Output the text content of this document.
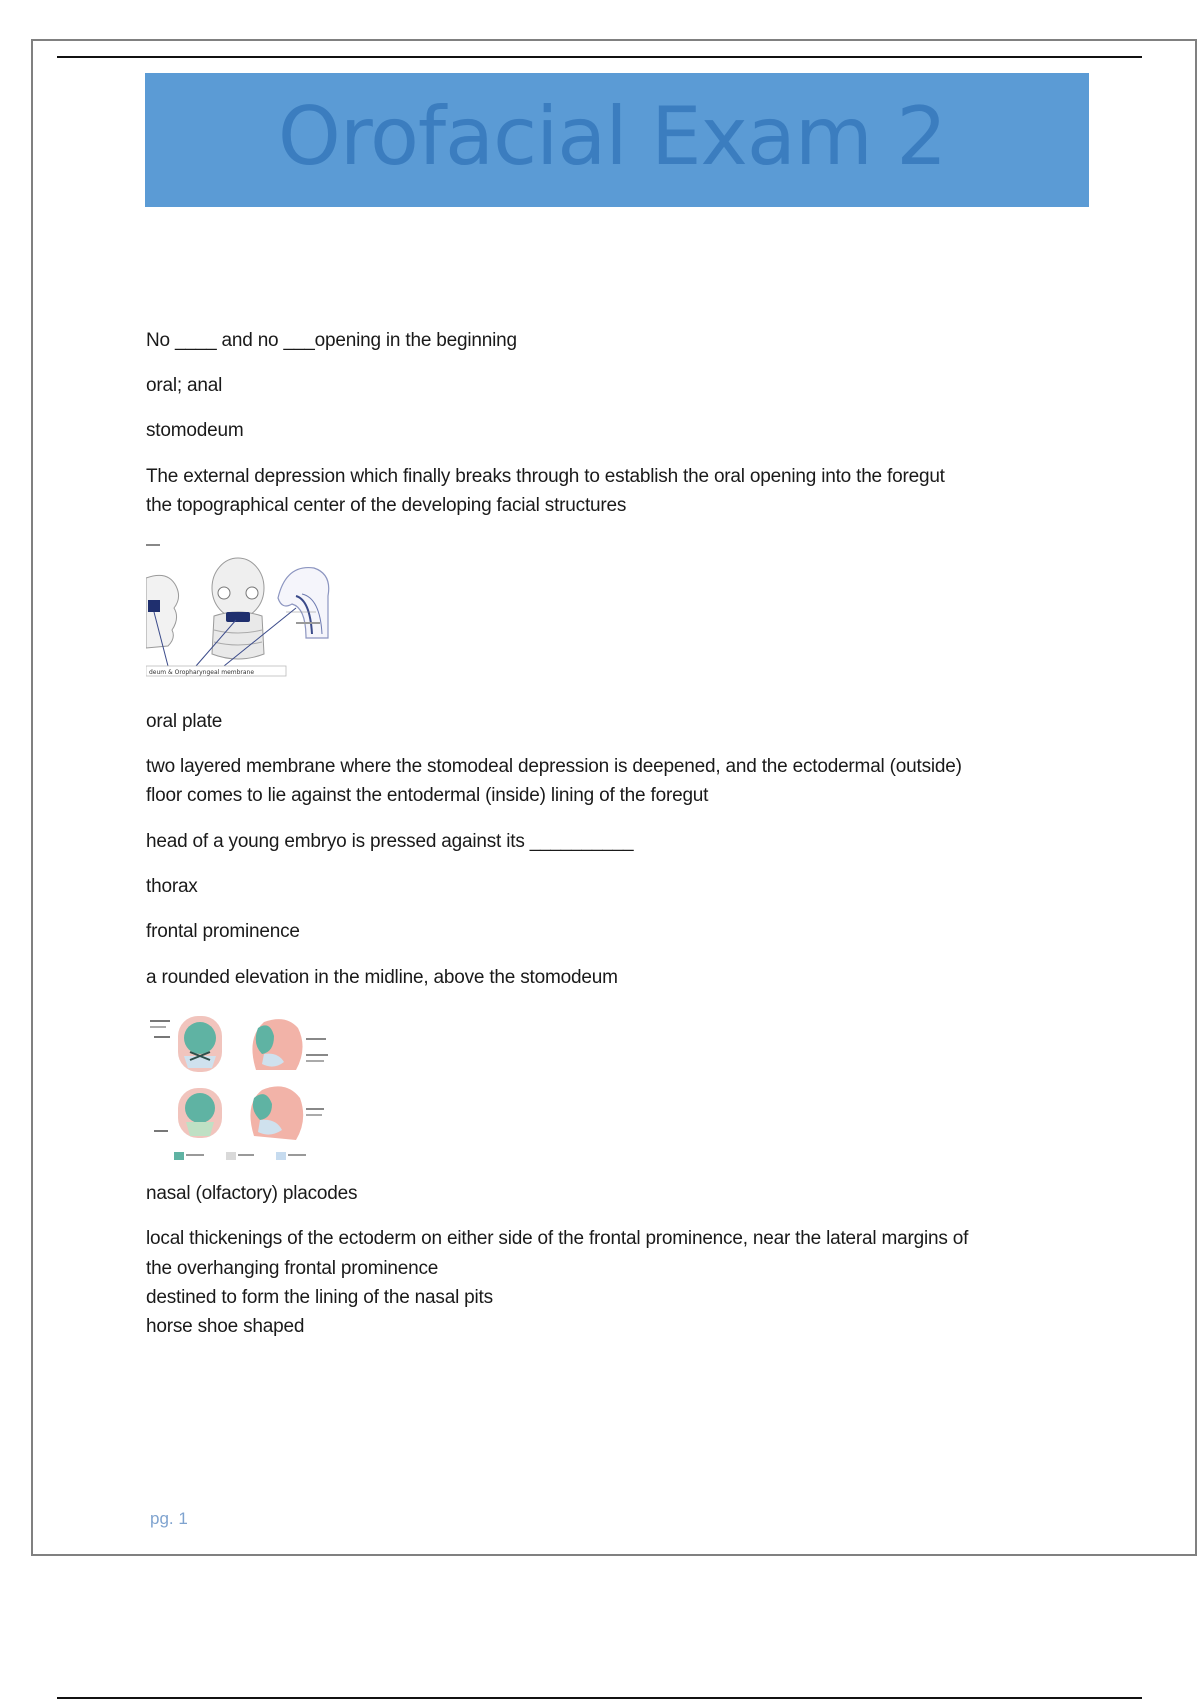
Orofacial Exam 2
No ____ and no ___opening in the beginning
oral; anal
stomodeum
The external depression which finally breaks through to establish the oral opening into the foregut
the topographical center of the developing facial structures
deum & Oropharyngeal membrane
oral plate
two layered membrane where the stomodeal depression is deepened, and the ectodermal (outside)
floor comes to lie against the entodermal (inside) lining of the foregut
head of a young embryo is pressed against its __________
thorax
frontal prominence
a rounded elevation in the midline, above the stomodeum
nasal (olfactory) placodes
local thickenings of the ectoderm on either side of the frontal prominence, near the lateral margins of
the overhanging frontal prominence
destined to form the lining of the nasal pits
horse shoe shaped
pg. 1
